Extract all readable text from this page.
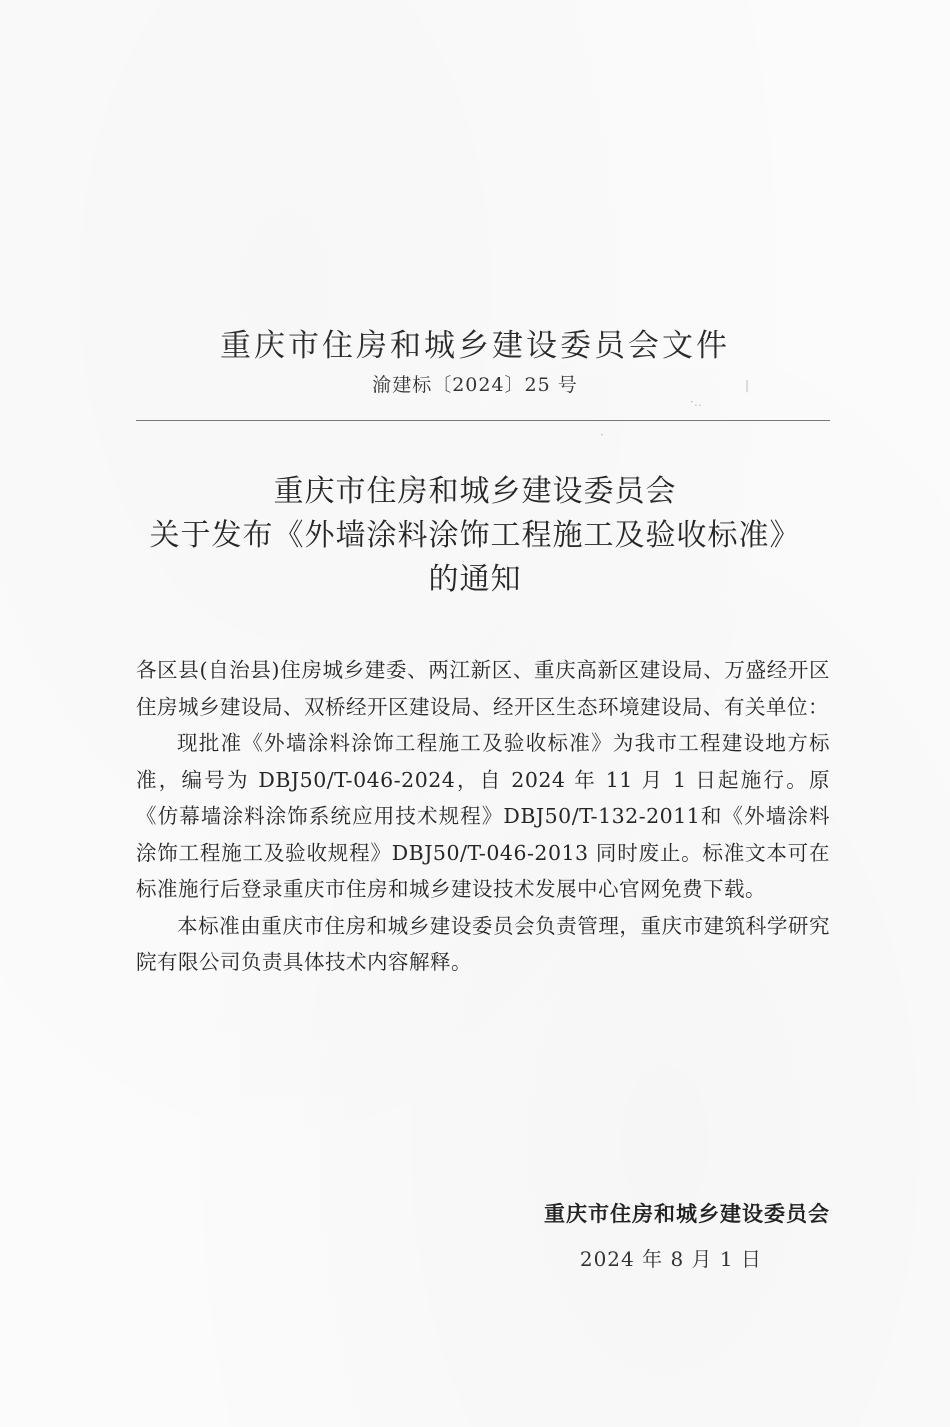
重庆市住房和城乡建设委员会文件
渝建标〔2024〕25 号
·‥
|
·
重庆市住房和城乡建设委员会
关于发布《外墙涂料涂饰工程施工及验收标准》
的通知

各区县(自治县)住房城乡建委、两江新区、重庆高新区建设局、万盛经开区住房城乡建设局、双桥经开区建设局、经开区生态环境建设局、有关单位：

现批准《外墙涂料涂饰工程施工及验收标准》为我市工程建设地方标准，编号为 DBJ50/T-046-2024，自 2024 年 11 月 1 日起施行。原《仿幕墙涂料涂饰系统应用技术规程》DBJ50/T-132-2011和《外墙涂料涂饰工程施工及验收规程》DBJ50/T-046-2013 同时废止。标准文本可在标准施行后登录重庆市住房和城乡建设技术发展中心官网免费下载。

本标准由重庆市住房和城乡建设委员会负责管理，重庆市建筑科学研究院有限公司负责具体技术内容解释。

重庆市住房和城乡建设委员会
2024 年 8 月 1 日
